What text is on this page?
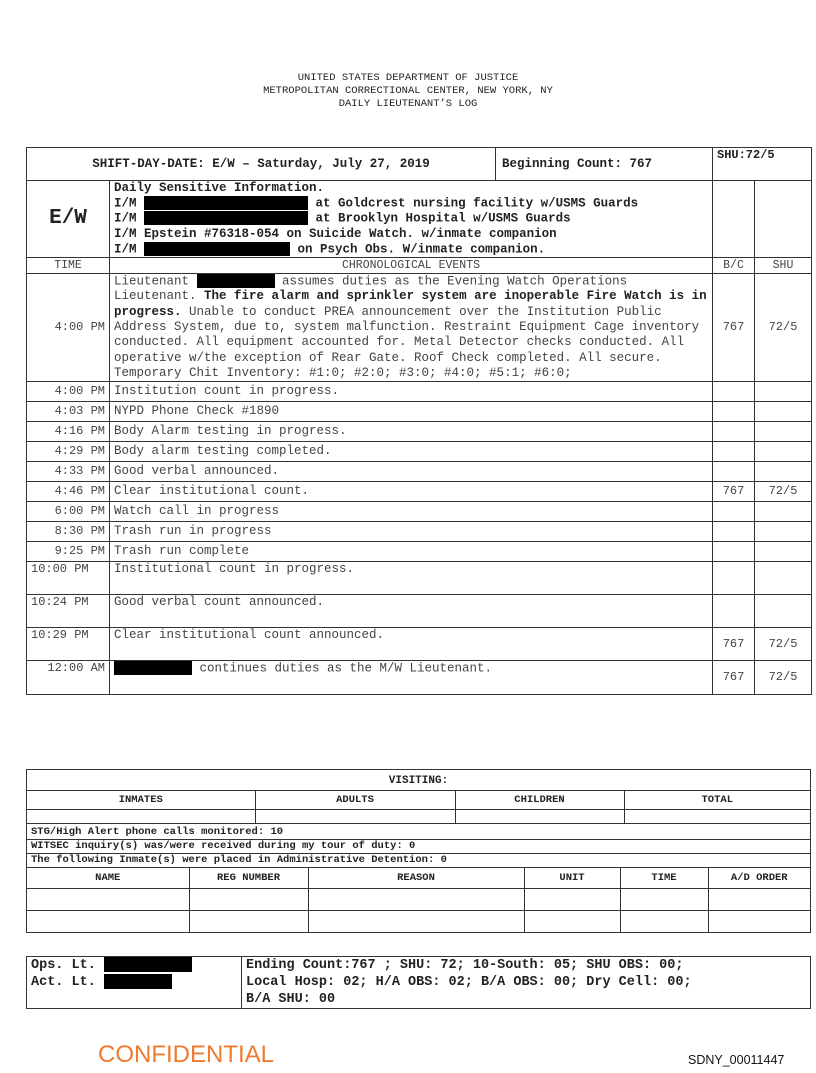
UNITED STATES DEPARTMENT OF JUSTICE
METROPOLITAN CORRECTIONAL CENTER, NEW YORK, NY
DAILY LIEUTENANT’S LOG
SHIFT-DAY-DATE: E/W – Saturday, July 27, 2019		Beginning Count: 767	SHU:72/5	
E/W	Daily Sensitive Information.
I/M at Goldcrest nursing facility w/USMS Guards
I/M at Brooklyn Hospital w/USMS Guards
I/M Epstein #76318-054 on Suicide Watch. w/inmate companion
I/M on Psych Obs. W/inmate companion.			

TIME	CHRONOLOGICAL EVENTS		B/C	SHU
4:00 PM	Lieutenant assumes duties as the Evening Watch Operations Lieutenant. The fire alarm and sprinkler system are inoperable Fire Watch is in progress. Unable to conduct PREA announcement over the Institution Public Address System, due to, system malfunction. Restraint Equipment Cage inventory conducted. All equipment accounted for. Metal Detector checks conducted. All operative w/the exception of Rear Gate. Roof Check completed. All secure. Temporary Chit Inventory: #1:0; #2:0; #3:0; #4:0; #5:1; #6:0;		767	72/5
4:00 PM	Institution count in progress.			
4:03 PM	NYPD Phone Check #1890			
4:16 PM	Body Alarm testing in progress.			
4:29 PM	Body alarm testing completed.			
4:33 PM	Good verbal announced.			
4:46 PM	Clear institutional count.		767	72/5
6:00 PM	Watch call in progress			
8:30 PM	Trash run in progress			
9:25 PM	Trash run complete			
10:00 PM	Institutional count in progress.			
10:24 PM	Good verbal count announced.			
10:29 PM	Clear institutional count announced.		767	72/5
12:00 AM	continues duties as the M/W Lieutenant.		767	72/5
VISITING:
INMATES	ADULTS	CHILDREN	TOTAL

STG/High Alert phone calls monitored: 10
WITSEC inquiry(s) was/were received during my tour of duty: 0
The following Inmate(s) were placed in Administrative Detention: 0
NAME	REG NUMBER	REASON	UNIT	TIME	A/D ORDER

Ops. Lt.
Act. Lt.

Ending Count:767 ; SHU: 72; 10-South: 05; SHU OBS: 00;
Local Hosp: 02; H/A OBS: 02; B/A OBS: 00; Dry Cell: 00;
B/A SHU: 00
CONFIDENTIAL	SDNY_00011447
